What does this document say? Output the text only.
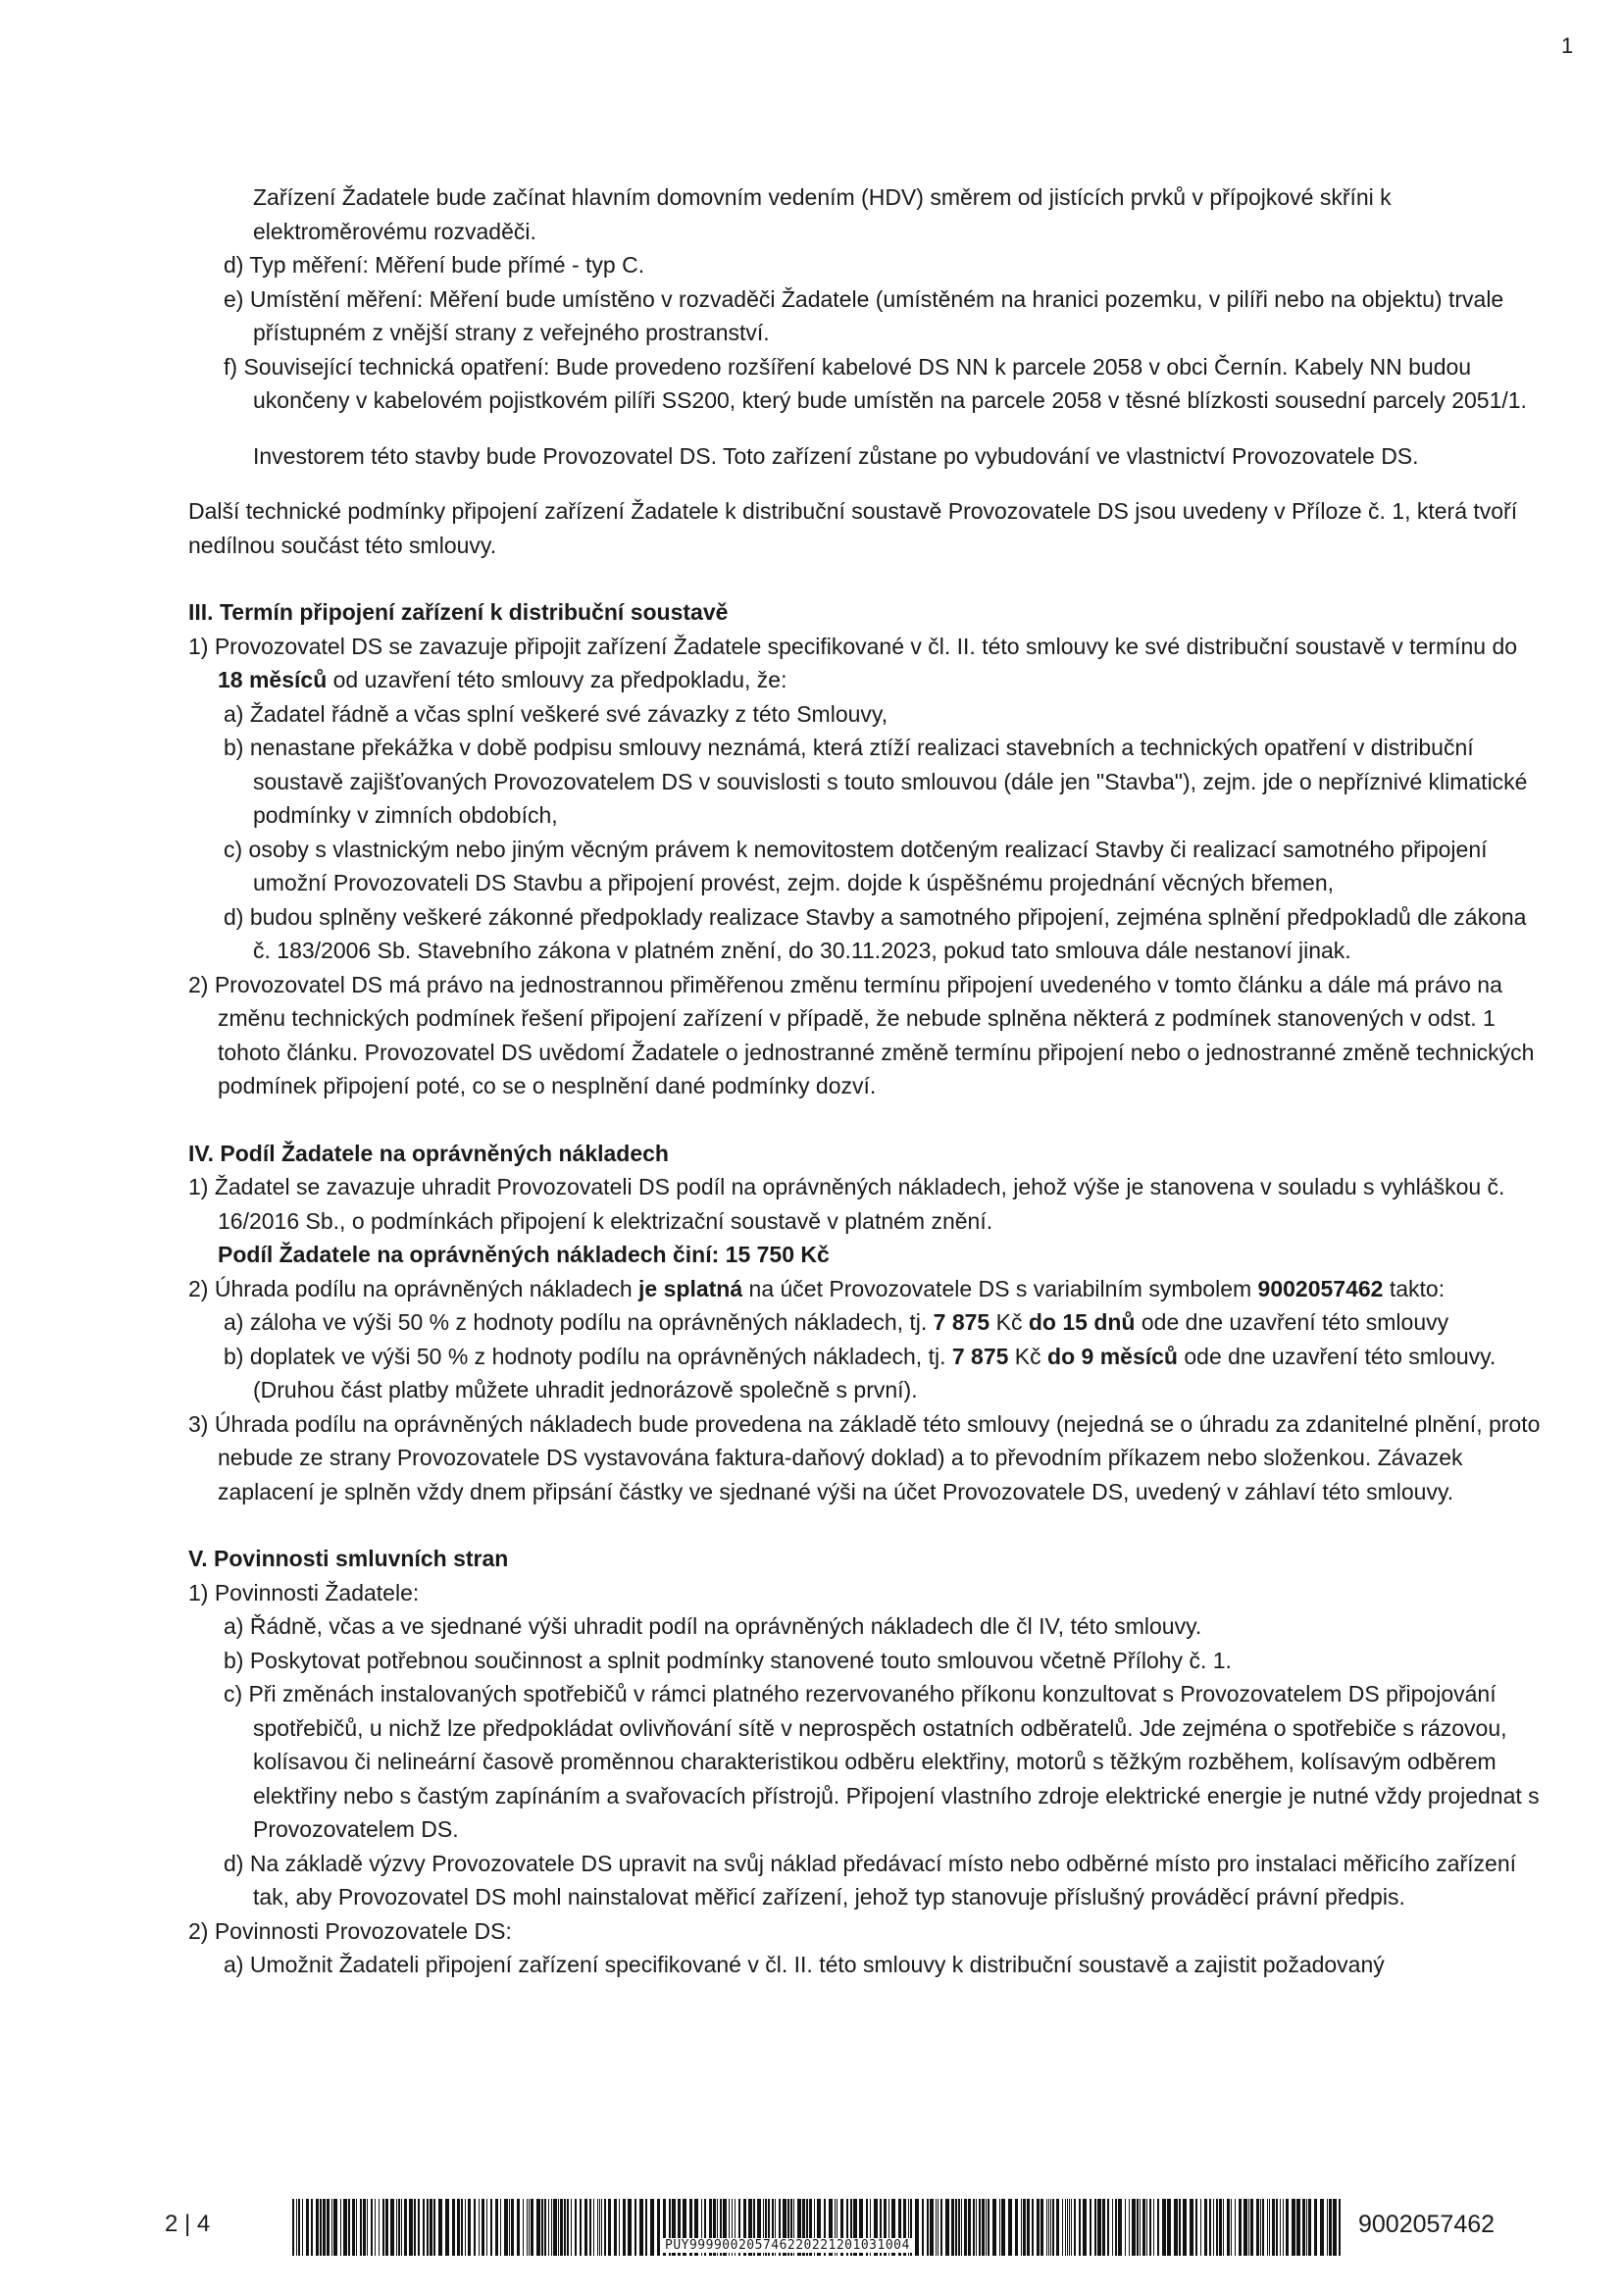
1

Zařízení Žadatele bude začínat hlavním domovním vedením (HDV) směrem od jistících prvků v přípojkové skříni k elektroměrovému rozvaděči.

d) Typ měření: Měření bude přímé - typ C.

e) Umístění měření: Měření bude umístěno v rozvaděči Žadatele (umístěném na hranici pozemku, v pilíři nebo na objektu) trvale přístupném z vnější strany z veřejného prostranství.

f) Související technická opatření: Bude provedeno rozšíření kabelové DS NN k parcele 2058 v obci Černín. Kabely NN budou ukončeny v kabelovém pojistkovém pilíři SS200, který bude umístěn na parcele 2058 v těsné blízkosti sousední parcely 2051/1.

Investorem této stavby bude Provozovatel DS. Toto zařízení zůstane po vybudování ve vlastnictví Provozovatele DS.

Další technické podmínky připojení zařízení Žadatele k distribuční soustavě Provozovatele DS jsou uvedeny v Příloze č. 1, která tvoří nedílnou součást této smlouvy.

III. Termín připojení zařízení k distribuční soustavě

1) Provozovatel DS se zavazuje připojit zařízení Žadatele specifikované v čl. II. této smlouvy ke své distribuční soustavě v termínu do 18 měsíců od uzavření této smlouvy za předpokladu, že:

a) Žadatel řádně a včas splní veškeré své závazky z této Smlouvy,

b) nenastane překážka v době podpisu smlouvy neznámá, která ztíží realizaci stavebních a technických opatření v distribuční soustavě zajišťovaných Provozovatelem DS v souvislosti s touto smlouvou (dále jen "Stavba"), zejm. jde o nepříznivé klimatické podmínky v zimních obdobích,

c) osoby s vlastnickým nebo jiným věcným právem k nemovitostem dotčeným realizací Stavby či realizací samotného připojení umožní Provozovateli DS Stavbu a připojení provést, zejm. dojde k úspěšnému projednání věcných břemen,

d) budou splněny veškeré zákonné předpoklady realizace Stavby a samotného připojení, zejména splnění předpokladů dle zákona č. 183/2006 Sb. Stavebního zákona v platném znění, do 30.11.2023, pokud tato smlouva dále nestanoví jinak.

2) Provozovatel DS má právo na jednostrannou přiměřenou změnu termínu připojení uvedeného v tomto článku a dále má právo na změnu technických podmínek řešení připojení zařízení v případě, že nebude splněna některá z podmínek stanovených v odst. 1 tohoto článku. Provozovatel DS uvědomí Žadatele o jednostranné změně termínu připojení nebo o jednostranné změně technických podmínek připojení poté, co se o nesplnění dané podmínky dozví.

IV. Podíl Žadatele na oprávněných nákladech

1) Žadatel se zavazuje uhradit Provozovateli DS podíl na oprávněných nákladech, jehož výše je stanovena v souladu s vyhláškou č. 16/2016 Sb., o podmínkách připojení k elektrizační soustavě v platném znění.

Podíl Žadatele na oprávněných nákladech činí: 15 750 Kč

2) Úhrada podílu na oprávněných nákladech je splatná na účet Provozovatele DS s variabilním symbolem 9002057462 takto:

a) záloha ve výši 50 % z hodnoty podílu na oprávněných nákladech, tj. 7 875 Kč do 15 dnů ode dne uzavření této smlouvy

b) doplatek ve výši 50 % z hodnoty podílu na oprávněných nákladech, tj. 7 875 Kč do 9 měsíců ode dne uzavření této smlouvy. (Druhou část platby můžete uhradit jednorázově společně s první).

3) Úhrada podílu na oprávněných nákladech bude provedena na základě této smlouvy (nejedná se o úhradu za zdanitelné plnění, proto nebude ze strany Provozovatele DS vystavována faktura-daňový doklad) a to převodním příkazem nebo složenkou. Závazek zaplacení je splněn vždy dnem připsání částky ve sjednané výši na účet Provozovatele DS, uvedený v záhlaví této smlouvy.

V. Povinnosti smluvních stran

1) Povinnosti Žadatele:

a) Řádně, včas a ve sjednané výši uhradit podíl na oprávněných nákladech dle čl IV, této smlouvy.

b) Poskytovat potřebnou součinnost a splnit podmínky stanovené touto smlouvou včetně Přílohy č. 1.

c) Při změnách instalovaných spotřebičů v rámci platného rezervovaného příkonu konzultovat s Provozovatelem DS připojování spotřebičů, u nichž lze předpokládat ovlivňování sítě v neprospěch ostatních odběratelů. Jde zejména o spotřebiče s rázovou, kolísavou či nelineární časově proměnnou charakteristikou odběru elektřiny, motorů s těžkým rozběhem, kolísavým odběrem elektřiny nebo s častým zapínáním a svařovacích přístrojů. Připojení vlastního zdroje elektrické energie je nutné vždy projednat s Provozovatelem DS.

d) Na základě výzvy Provozovatele DS upravit na svůj náklad předávací místo nebo odběrné místo pro instalaci měřicího zařízení tak, aby Provozovatel DS mohl nainstalovat měřicí zařízení, jehož typ stanovuje příslušný prováděcí právní předpis.

2) Povinnosti Provozovatele DS:

a) Umožnit Žadateli připojení zařízení specifikované v čl. II. této smlouvy k distribuční soustavě a zajistit požadovaný

2 | 4
PUY99990020574622022120103100​4
9002057462
